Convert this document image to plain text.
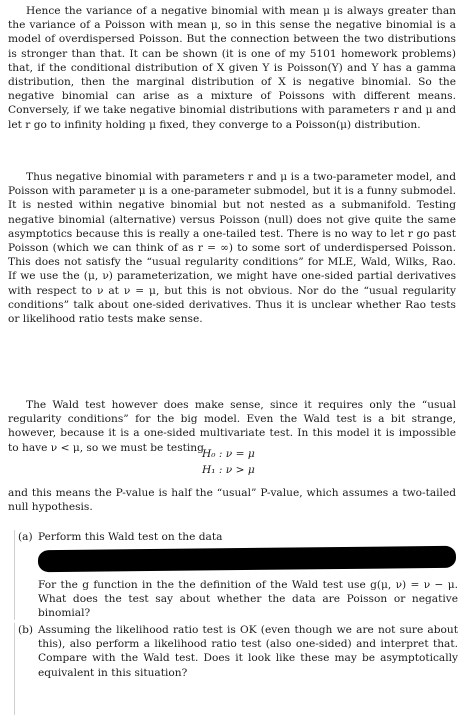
Hence the variance of a negative binomial with mean μ is always greater than the variance of a Poisson with mean μ, so in this sense the negative binomial is a model of overdispersed Poisson. But the connection between the two distributions is stronger than that. It can be shown (it is one of my 5101 homework problems) that, if the conditional distribution of X given Y is Poisson(Y) and Y has a gamma distribution, then the marginal distribution of X is negative binomial. So the negative binomial can arise as a mixture of Poissons with different means. Conversely, if we take negative binomial distributions with parameters r and μ and let r go to infinity holding μ fixed, they converge to a Poisson(μ) distribution.

Thus negative binomial with parameters r and μ is a two-parameter model, and Poisson with parameter μ is a one-parameter submodel, but it is a funny submodel. It is nested within negative binomial but not nested as a submanifold. Testing negative binomial (alternative) versus Poisson (null) does not give quite the same asymptotics because this is really a one-tailed test. There is no way to let r go past Poisson (which we can think of as r = ∞) to some sort of underdispersed Poisson. This does not satisfy the “usual regularity conditions” for MLE, Wald, Wilks, Rao. If we use the (μ, ν) parameterization, we might have one-sided partial derivatives with respect to ν at ν = μ, but this is not obvious. Nor do the “usual regularity conditions” talk about one-sided derivatives. Thus it is unclear whether Rao tests or likelihood ratio tests make sense.

The Wald test however does make sense, since it requires only the “usual regularity conditions” for the big model. Even the Wald test is a bit strange, however, because it is a one-sided multivariate test. In this model it is impossible to have ν < μ, so we must be testing

H₀ : ν = μ
H₁ : ν > μ

and this means the P-value is half the “usual” P-value, which assumes a two-tailed null hypothesis.

(a) Perform this Wald test on the data
For the g function in the the definition of the Wald test use g(μ, ν) = ν − μ. What does the test say about whether the data are Poisson or negative binomial?
(b) Assuming the likelihood ratio test is OK (even though we are not sure about this), also perform a likelihood ratio test (also one-sided) and interpret that. Compare with the Wald test. Does it look like these may be asymptotically equivalent in this situation?
